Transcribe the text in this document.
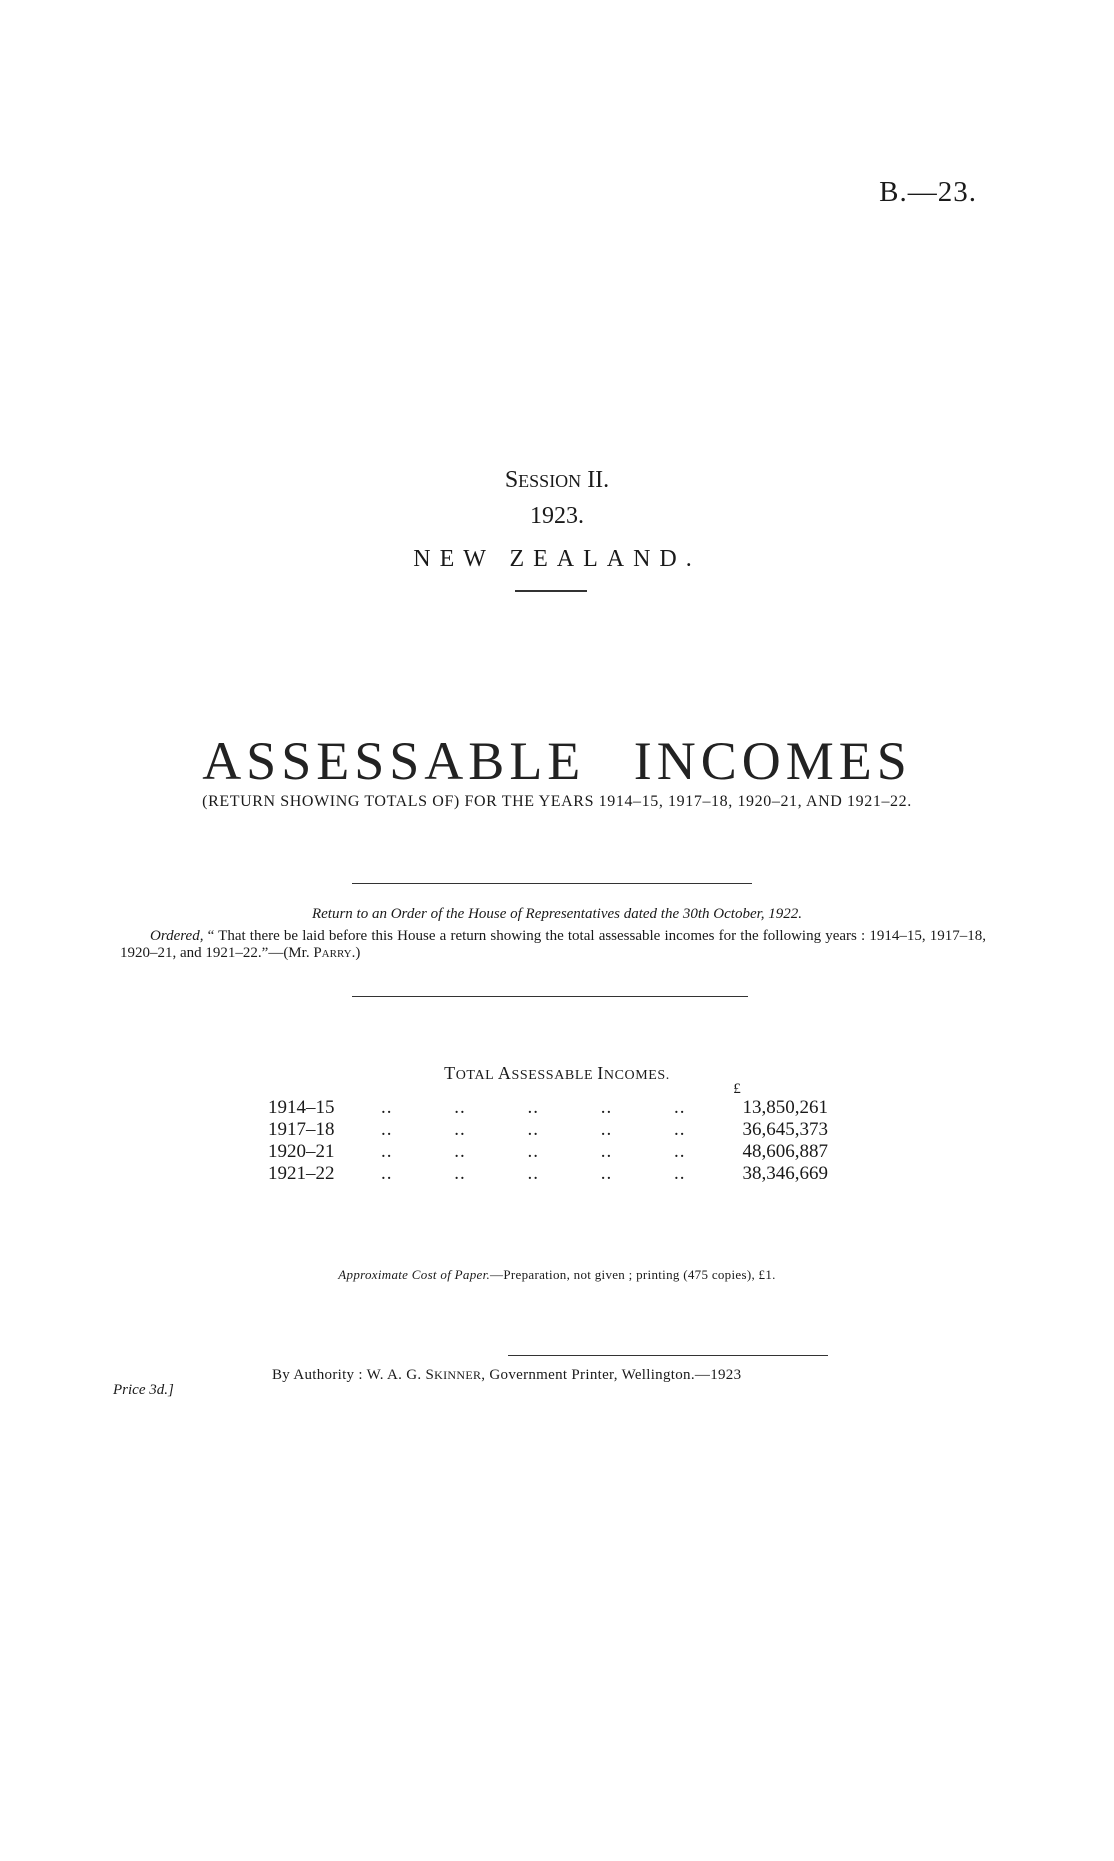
B.—23.
SESSION II.
1923.
NEW ZEALAND.
ASSESSABLE INCOMES
(RETURN SHOWING TOTALS OF) FOR THE YEARS 1914–15, 1917–18, 1920–21, AND 1921–22.
Return to an Order of the House of Representatives dated the 30th October, 1922.
Ordered, “ That there be laid before this House a return showing the total assessable incomes for the following years : 1914–15, 1917–18, 1920–21, and 1921–22.”—(Mr. PARRY.)
TOTAL ASSESSABLE INCOMES.
£
1914–15 .. .. .. .. ..	13,850,261
1917–18 .. .. .. .. ..	36,645,373
1920–21 .. .. .. .. ..	48,606,887
1921–22 .. .. .. .. ..	38,346,669
Approximate Cost of Paper.—Preparation, not given ; printing (475 copies), £1.
By Authority : W. A. G. SKINNER, Government Printer, Wellington.—1923
Price 3d.]
